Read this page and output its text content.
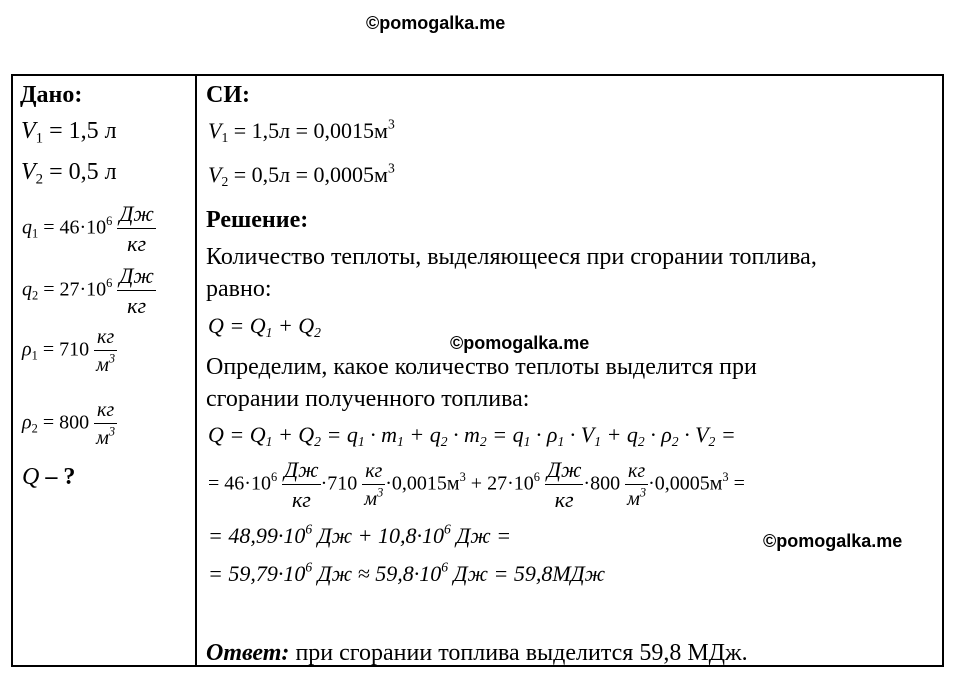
©pomogalka.me
Дано:
$V_1 = 1,5$ л
$V_2 = 0,5$ л
$q_1 = 46\cdot 10^6$ Дж
кг
$q_2 = 27\cdot 10^6$ Дж
кг
$\rho_1 = 710$
кг
$м^3$
$\rho_2 = 800$
кг
$м^3$
Q – ?
СИ:
$V_1 = 1,5л = 0,0015м^3$
$V_2 = 0,5л = 0,0005м^3$
Решение:
Количество теплоты, выделяющееся при сгорании топлива,
равно:
$Q = Q_1 + Q_2$
©pomogalka.me
Определим, какое количество теплоты выделится при
сгорании полученного топлива:
$Q = Q_1 + Q_2 = q_1 \cdot m_1 + q_2 \cdot m_2 = q_1 \cdot \rho_1 \cdot V_1 + q_2 \cdot \rho_2 \cdot V_2$ =
= $46\cdot 10^6$ Дж
кг
·710
кг
$м^3 \cdot 0,0015м^3 + 27\cdot 10^6$ Дж
кг
·800
кг
$м^3 \cdot 0,0005м^3$ =
= $48,99\cdot 10^6$ Дж + $10,8\cdot 10^6$ Дж =	©pomogalka.me
= $59,79\cdot 10^6$ Дж ≈ $59,8\cdot 10^6$ Дж = 59,8МДж
Ответ: при сгорании топлива выделится 59,8 МДж.
